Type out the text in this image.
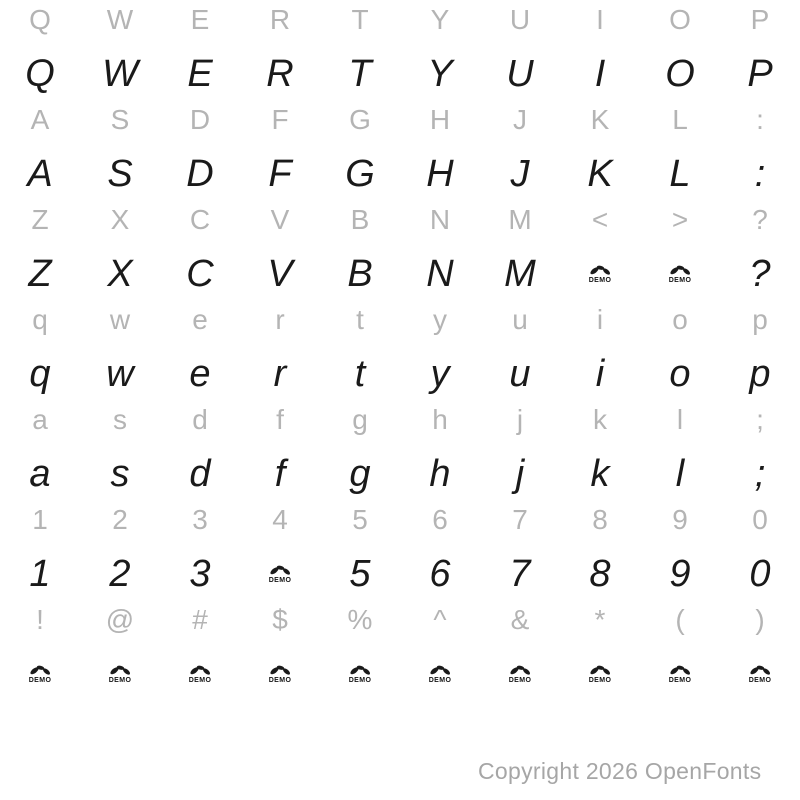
Q
Q
W
W
E
E
R
R
T
T
Y
Y
U
U
I
I
O
O
P
P
A
A
S
S
D
D
F
F
G
G
H
H
J
J
K
K
L
L
:
:
Z
Z
X
X
C
C
V
V
B
B
N
N
M
M
<
DEMO
>
DEMO
?
?
q
q
w
w
e
e
r
r
t
t
y
y
u
u
i
i
o
o
p
p
a
a
s
s
d
d
f
f
g
g
h
h
j
j
k
k
l
l
;
;
1
1
2
2
3
3
4
DEMO
5
5
6
6
7
7
8
8
9
9
0
0
!
DEMO
@
DEMO
#
DEMO
$
DEMO
%
DEMO
^
DEMO
&
DEMO
*
DEMO
(
DEMO
)
DEMO
Copyright 2026 OpenFonts
